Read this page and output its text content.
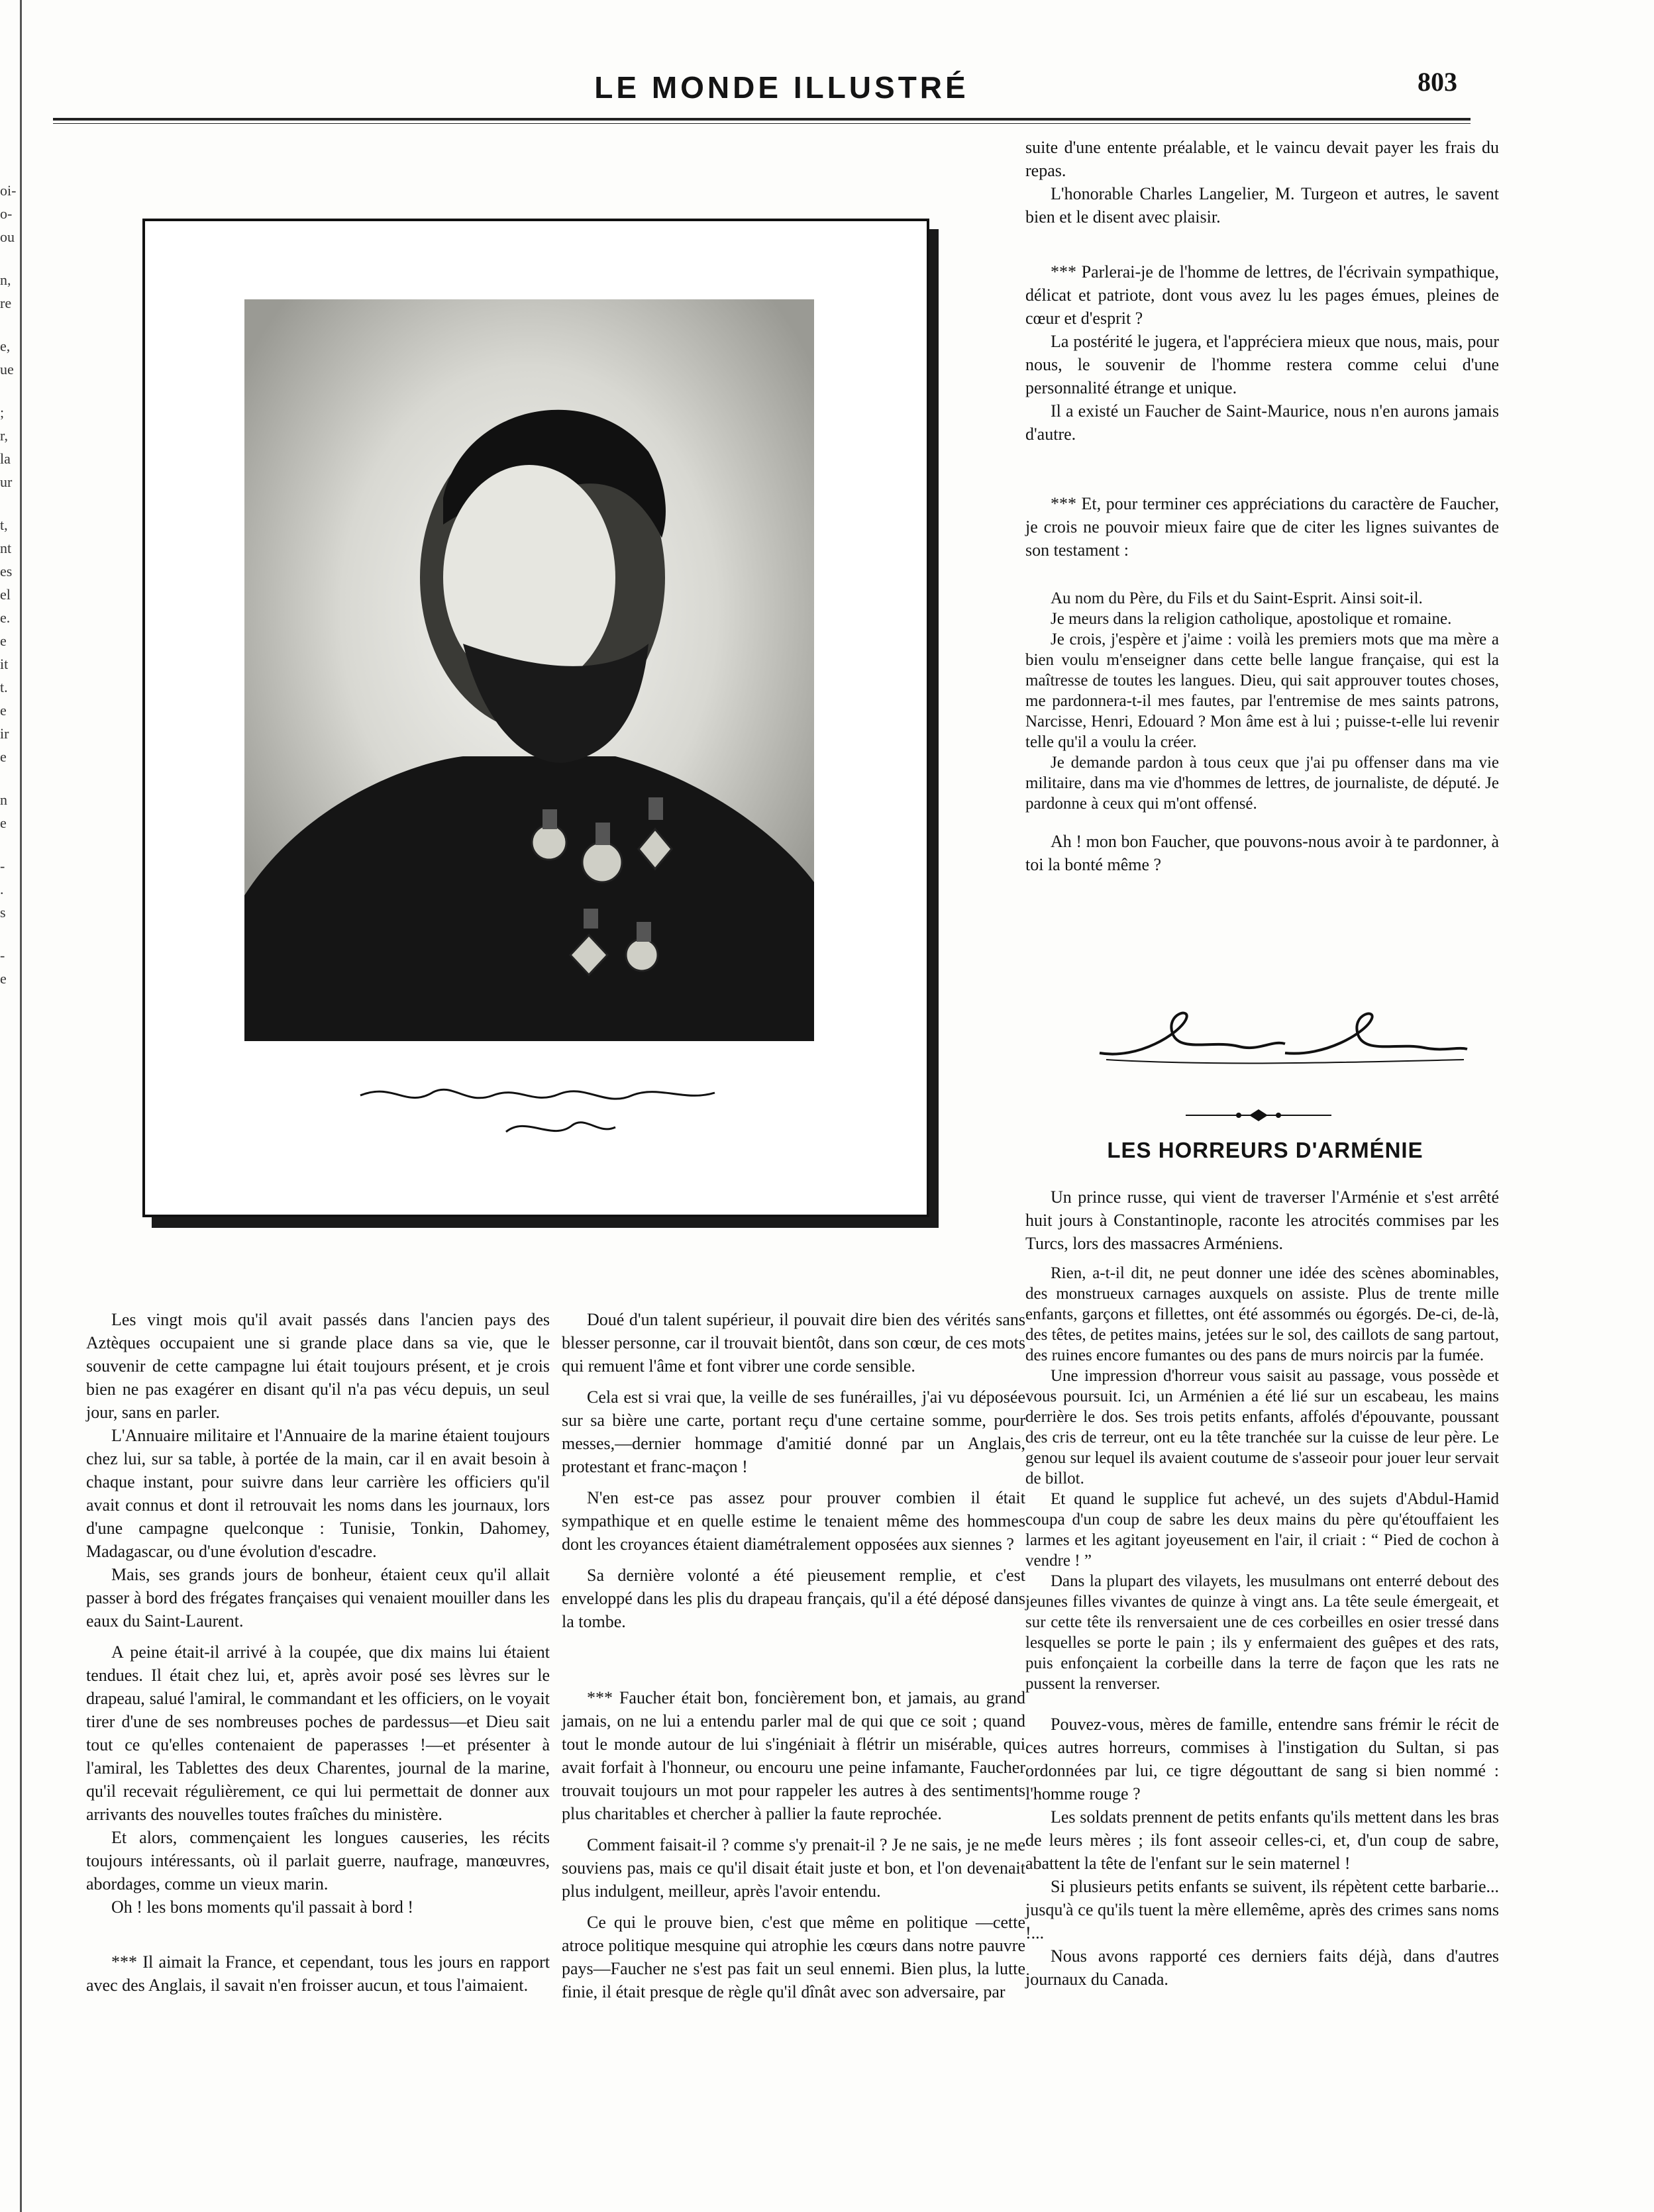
oi-
o-
ou
n,
re
e,
ue
;
r,
la
ur
t,
nt
es
el
e.
e
it
t.
e
ir
e
n
e
-
.
s
-
e
LE MONDE ILLUSTRÉ	803

Les vingt mois qu'il avait passés dans l'ancien pays des Aztèques occupaient une si grande place dans sa vie, que le souvenir de cette campagne lui était toujours présent, et je crois bien ne pas exagérer en disant qu'il n'a pas vécu depuis, un seul jour, sans en parler.

L'Annuaire militaire et l'Annuaire de la marine étaient toujours chez lui, sur sa table, à portée de la main, car il en avait besoin à chaque instant, pour suivre dans leur carrière les officiers qu'il avait connus et dont il retrouvait les noms dans les journaux, lors d'une campagne quelconque : Tunisie, Tonkin, Dahomey, Madagascar, ou d'une évolution d'escadre.

Mais, ses grands jours de bonheur, étaient ceux qu'il allait passer à bord des frégates françaises qui venaient mouiller dans les eaux du Saint-Laurent.

A peine était-il arrivé à la coupée, que dix mains lui étaient tendues. Il était chez lui, et, après avoir posé ses lèvres sur le drapeau, salué l'amiral, le commandant et les officiers, on le voyait tirer d'une de ses nombreuses poches de pardessus—et Dieu sait tout ce qu'elles contenaient de paperasses !—et présenter à l'amiral, les Tablettes des deux Charentes, journal de la marine, qu'il recevait régulièrement, ce qui lui permettait de donner aux arrivants des nouvelles toutes fraîches du ministère.

Et alors, commençaient les longues causeries, les récits toujours intéressants, où il parlait guerre, naufrage, manœuvres, abordages, comme un vieux marin.

Oh ! les bons moments qu'il passait à bord !

*** Il aimait la France, et cependant, tous les jours en rapport avec des Anglais, il savait n'en froisser aucun, et tous l'aimaient.

Doué d'un talent supérieur, il pouvait dire bien des vérités sans blesser personne, car il trouvait bientôt, dans son cœur, de ces mots qui remuent l'âme et font vibrer une corde sensible.

Cela est si vrai que, la veille de ses funérailles, j'ai vu déposée sur sa bière une carte, portant reçu d'une certaine somme, pour messes,—dernier hommage d'amitié donné par un Anglais, protestant et franc-maçon !

N'en est-ce pas assez pour prouver combien il était sympathique et en quelle estime le tenaient même des hommes dont les croyances étaient diamétralement opposées aux siennes ?

Sa dernière volonté a été pieusement remplie, et c'est enveloppé dans les plis du drapeau français, qu'il a été déposé dans la tombe.

*** Faucher était bon, foncièrement bon, et jamais, au grand jamais, on ne lui a entendu parler mal de qui que ce soit ; quand tout le monde autour de lui s'ingéniait à flétrir un misérable, qui avait forfait à l'honneur, ou encouru une peine infamante, Faucher trouvait toujours un mot pour rappeler les autres à des sentiments plus charitables et chercher à pallier la faute reprochée.

Comment faisait-il ? comme s'y prenait-il ? Je ne sais, je ne me souviens pas, mais ce qu'il disait était juste et bon, et l'on devenait plus indulgent, meilleur, après l'avoir entendu.

Ce qui le prouve bien, c'est que même en politique —cette atroce politique mesquine qui atrophie les cœurs dans notre pauvre pays—Faucher ne s'est pas fait un seul ennemi. Bien plus, la lutte finie, il était presque de règle qu'il dînât avec son adversaire, par

suite d'une entente préalable, et le vaincu devait payer les frais du repas.

L'honorable Charles Langelier, M. Turgeon et autres, le savent bien et le disent avec plaisir.

*** Parlerai-je de l'homme de lettres, de l'écrivain sympathique, délicat et patriote, dont vous avez lu les pages émues, pleines de cœur et d'esprit ?

La postérité le jugera, et l'appréciera mieux que nous, mais, pour nous, le souvenir de l'homme restera comme celui d'une personnalité étrange et unique.

Il a existé un Faucher de Saint-Maurice, nous n'en aurons jamais d'autre.

*** Et, pour terminer ces appréciations du caractère de Faucher, je crois ne pouvoir mieux faire que de citer les lignes suivantes de son testament :

Au nom du Père, du Fils et du Saint-Esprit. Ainsi soit-il.

Je meurs dans la religion catholique, apostolique et romaine.

Je crois, j'espère et j'aime : voilà les premiers mots que ma mère a bien voulu m'enseigner dans cette belle langue française, qui est la maîtresse de toutes les langues. Dieu, qui sait approuver toutes choses, me pardonnera-t-il mes fautes, par l'entremise de mes saints patrons, Narcisse, Henri, Edouard ? Mon âme est à lui ; puisse-t-elle lui revenir telle qu'il a voulu la créer.

Je demande pardon à tous ceux que j'ai pu offenser dans ma vie militaire, dans ma vie d'hommes de lettres, de journaliste, de député. Je pardonne à ceux qui m'ont offensé.

Ah ! mon bon Faucher, que pouvons-nous avoir à te pardonner, à toi la bonté même ?

LES HORREURS D'ARMÉNIE

Un prince russe, qui vient de traverser l'Arménie et s'est arrêté huit jours à Constantinople, raconte les atrocités commises par les Turcs, lors des massacres Arméniens.

Rien, a-t-il dit, ne peut donner une idée des scènes abominables, des monstrueux carnages auxquels on assiste. Plus de trente mille enfants, garçons et fillettes, ont été assommés ou égorgés. De-ci, de-là, des têtes, de petites mains, jetées sur le sol, des caillots de sang partout, des ruines encore fumantes ou des pans de murs noircis par la fumée.

Une impression d'horreur vous saisit au passage, vous possède et vous poursuit. Ici, un Arménien a été lié sur un escabeau, les mains derrière le dos. Ses trois petits enfants, affolés d'épouvante, poussant des cris de terreur, ont eu la tête tranchée sur la cuisse de leur père. Le genou sur lequel ils avaient coutume de s'asseoir pour jouer leur servait de billot.

Et quand le supplice fut achevé, un des sujets d'Abdul-Hamid coupa d'un coup de sabre les deux mains du père qu'étouffaient les larmes et les agitant joyeusement en l'air, il criait : “ Pied de cochon à vendre ! ”

Dans la plupart des vilayets, les musulmans ont enterré debout des jeunes filles vivantes de quinze à vingt ans. La tête seule émergeait, et sur cette tête ils renversaient une de ces corbeilles en osier tressé dans lesquelles se porte le pain ; ils y enfermaient des guêpes et des rats, puis enfonçaient la corbeille dans la terre de façon que les rats ne pussent la renverser.

Pouvez-vous, mères de famille, entendre sans frémir le récit de ces autres horreurs, commises à l'instigation du Sultan, si pas ordonnées par lui, ce tigre dégouttant de sang si bien nommé : l'homme rouge ?

Les soldats prennent de petits enfants qu'ils mettent dans les bras de leurs mères ; ils font asseoir celles-ci, et, d'un coup de sabre, abattent la tête de l'enfant sur le sein maternel !

Si plusieurs petits enfants se suivent, ils répètent cette barbarie... jusqu'à ce qu'ils tuent la mère ellemême, après des crimes sans noms !...

Nous avons rapporté ces derniers faits déjà, dans d'autres journaux du Canada.
